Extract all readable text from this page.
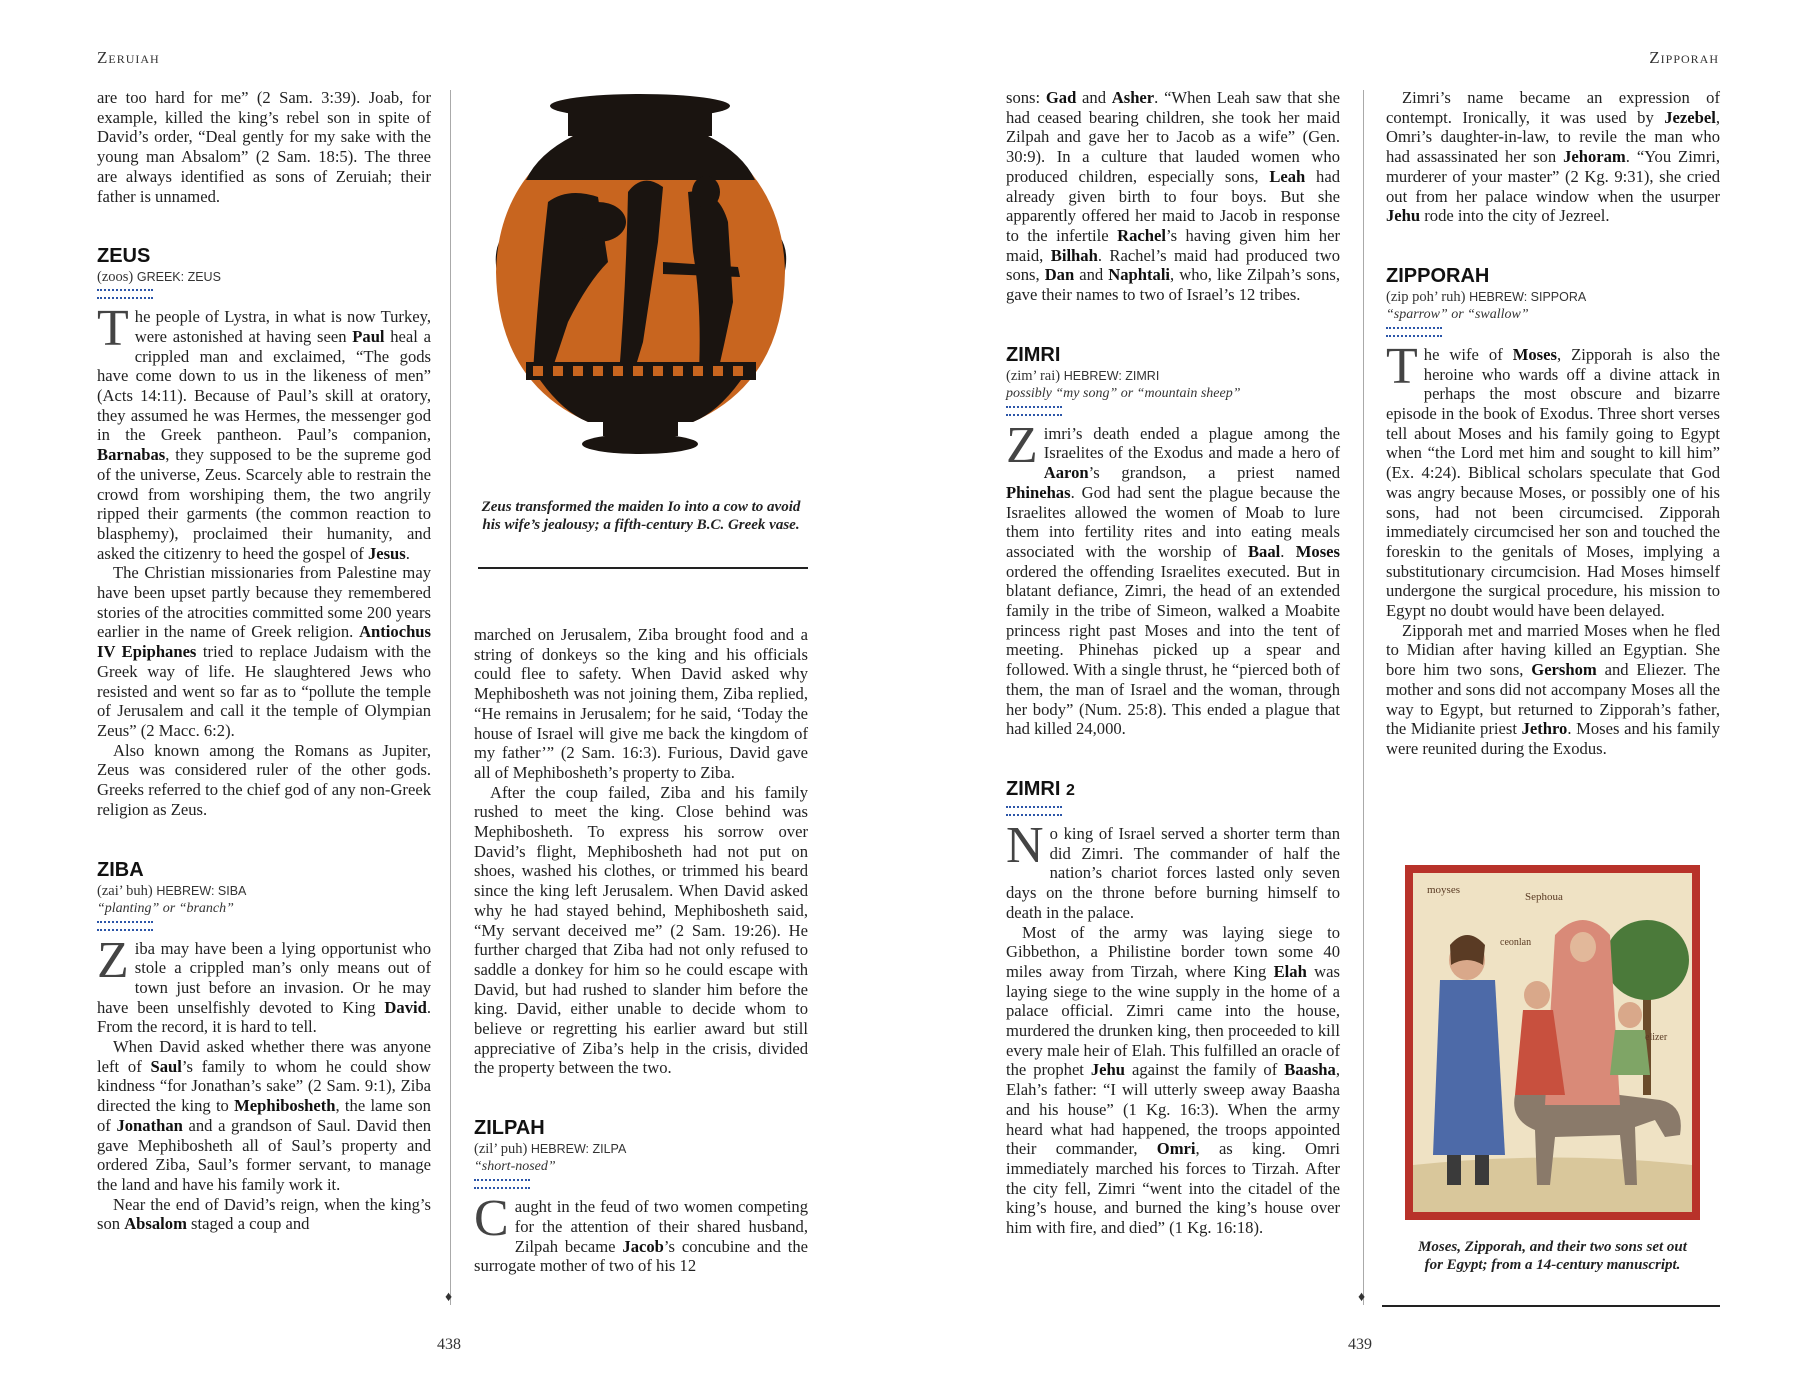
Zeruiah	Zipporah

are too hard for me” (2 Sam. 3:39). Joab, for example, killed the king’s rebel son in spite of David’s order, “Deal gently for my sake with the young man Absalom” (2 Sam. 18:5). The three are always identified as sons of Zeruiah; their father is unnamed.

ZEUS

(zoos) GREEK: ZEUS

The people of Lystra, in what is now Turkey, were astonished at having seen Paul heal a crippled man and exclaimed, “The gods have come down to us in the likeness of men” (Acts 14:11). Because of Paul’s skill at oratory, they assumed he was Hermes, the messenger god in the Greek pantheon. Paul’s companion, Barnabas, they supposed to be the supreme god of the universe, Zeus. Scarcely able to restrain the crowd from worshiping them, the two angrily ripped their garments (the common reaction to blasphemy), proclaimed their humanity, and asked the citizenry to heed the gospel of Jesus.

The Christian missionaries from Palestine may have been upset partly because they remembered stories of the atrocities committed some 200 years earlier in the name of Greek religion. Antiochus IV Epiphanes tried to replace Judaism with the Greek way of life. He slaughtered Jews who resisted and went so far as to “pollute the temple of Jerusalem and call it the temple of Olympian Zeus” (2 Macc. 6:2).

Also known among the Romans as Jupiter, Zeus was considered ruler of the other gods. Greeks referred to the chief god of any non-Greek religion as Zeus.

ZIBA

(zai’ buh) HEBREW: SIBA

“planting” or “branch”

Ziba may have been a lying opportunist who stole a crippled man’s only means out of town just before an invasion. Or he may have been unselfishly devoted to King David. From the record, it is hard to tell.

When David asked whether there was anyone left of Saul’s family to whom he could show kindness “for Jonathan’s sake” (2 Sam. 9:1), Ziba directed the king to Mephibosheth, the lame son of Jonathan and a grandson of Saul. David then gave Mephibosheth all of Saul’s property and ordered Ziba, Saul’s former servant, to manage the land and have his family work it.

Near the end of David’s reign, when the king’s son Absalom staged a coup and

♦
Zeus transformed the maiden Io into a cow to avoid his wife’s jealousy; a fifth-century B.C. Greek vase.

marched on Jerusalem, Ziba brought food and a string of donkeys so the king and his officials could flee to safety. When David asked why Mephibosheth was not joining them, Ziba replied, “He remains in Jerusalem; for he said, ‘Today the house of Israel will give me back the kingdom of my father’” (2 Sam. 16:3). Furious, David gave all of Mephibosheth’s property to Ziba.

After the coup failed, Ziba and his family rushed to meet the king. Close behind was Mephibosheth. To express his sorrow over David’s flight, Mephibosheth had not put on shoes, washed his clothes, or trimmed his beard since the king left Jerusalem. When David asked why he had stayed behind, Mephibosheth said, “My servant deceived me” (2 Sam. 19:26). He further charged that Ziba had not only refused to saddle a donkey for him so he could escape with David, but had rushed to slander him before the king. David, either unable to decide whom to believe or regretting his earlier award but still appreciative of Ziba’s help in the crisis, divided the property between the two.

ZILPAH

(zil’ puh) HEBREW: ZILPA

“short-nosed”

Caught in the feud of two women competing for the attention of their shared husband, Zilpah became Jacob’s concubine and the surrogate mother of two of his 12

438

sons: Gad and Asher. “When Leah saw that she had ceased bearing children, she took her maid Zilpah and gave her to Jacob as a wife” (Gen. 30:9). In a culture that lauded women who produced children, especially sons, Leah had already given birth to four boys. But she apparently offered her maid to Jacob in response to the infertile Rachel’s having given him her maid, Bilhah. Rachel’s maid had produced two sons, Dan and Naphtali, who, like Zilpah’s sons, gave their names to two of Israel’s 12 tribes.

ZIMRI

(zim’ rai) HEBREW: ZIMRI

possibly “my song” or “mountain sheep”

Zimri’s death ended a plague among the Israelites of the Exodus and made a hero of Aaron’s grandson, a priest named Phinehas. God had sent the plague because the Israelites allowed the women of Moab to lure them into fertility rites and into eating meals associated with the worship of Baal. Moses ordered the offending Israelites executed. But in blatant defiance, Zimri, the head of an extended family in the tribe of Simeon, walked a Moabite princess right past Moses and into the tent of meeting. Phinehas picked up a spear and followed. With a single thrust, he “pierced both of them, the man of Israel and the woman, through her body” (Num. 25:8). This ended a plague that had killed 24,000.

ZIMRI 2

No king of Israel served a shorter term than did Zimri. The commander of half the nation’s chariot forces lasted only seven days on the throne before burning himself to death in the palace.

Most of the army was laying siege to Gibbethon, a Philistine border town some 40 miles away from Tirzah, where King Elah was laying siege to the wine supply in the home of a palace official. Zimri came into the house, murdered the drunken king, then proceeded to kill every male heir of Elah. This fulfilled an oracle of the prophet Jehu against the family of Baasha, Elah’s father: “I will utterly sweep away Baasha and his house” (1 Kg. 16:3). When the army heard what had happened, the troops appointed their commander, Omri, as king. Omri immediately marched his forces to Tirzah. After the city fell, Zimri “went into the citadel of the king’s house, and burned the king’s house over him with fire, and died” (1 Kg. 16:18).

♦

Zimri’s name became an expression of contempt. Ironically, it was used by Jezebel, Omri’s daughter-in-law, to revile the man who had assassinated her son Jehoram. “You Zimri, murderer of your master” (2 Kg. 9:31), she cried out from her palace window when the usurper Jehu rode into the city of Jezreel.

ZIPPORAH

(zip poh’ ruh) HEBREW: SIPPORA

“sparrow” or “swallow”

The wife of Moses, Zipporah is also the heroine who wards off a divine attack in perhaps the most obscure and bizarre episode in the book of Exodus. Three short verses tell about Moses and his family going to Egypt when “the Lord met him and sought to kill him” (Ex. 4:24). Biblical scholars speculate that God was angry because Moses, or possibly one of his sons, had not been circumcised. Zipporah immediately circumcised her son and touched the foreskin to the genitals of Moses, implying a substitutionary circumcision. Had Moses himself undergone the surgical procedure, his mission to Egypt no doubt would have been delayed.

Zipporah met and married Moses when he fled to Midian after having killed an Egyptian. She bore him two sons, Gershom and Eliezer. The mother and sons did not accompany Moses all the way to Egypt, but returned to Zipporah’s father, the Midianite priest Jethro. Moses and his family were reunited during the Exodus.

moyses
Sephoua
ceonlan
elizer
Moses, Zipporah, and their two sons set out for Egypt; from a 14-century manuscript.
439
